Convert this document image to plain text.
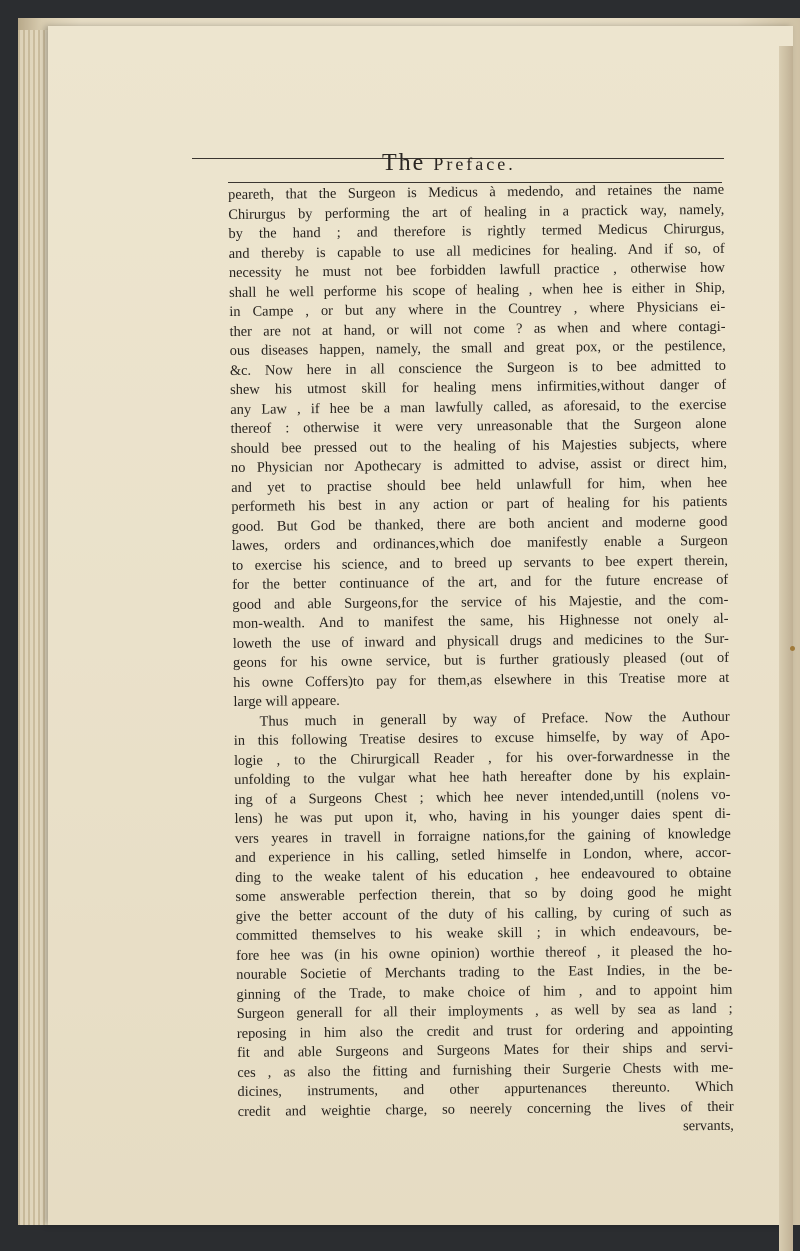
The Preface.
peareth, that the Surgeon is Medicus à medendo, and retaines the name
Chirurgus by performing the art of healing in a practick way, namely,
by the hand ; and therefore is rightly termed Medicus Chirurgus,
and thereby is capable to use all medicines for healing. And if so, of
necessity he must not bee forbidden lawfull practice , otherwise how
shall he well performe his scope of healing , when hee is either in Ship,
in Campe , or but any where in the Countrey , where Physicians ei-
ther are not at hand, or will not come ? as when and where contagi-
ous diseases happen, namely, the small and great pox, or the pestilence,
&c. Now here in all conscience the Surgeon is to bee admitted to
shew his utmost skill for healing mens infirmities,without danger of
any Law , if hee be a man lawfully called, as aforesaid, to the exercise
thereof : otherwise it were very unreasonable that the Surgeon alone
should bee pressed out to the healing of his Majesties subjects, where
no Physician nor Apothecary is admitted to advise, assist or direct him,
and yet to practise should bee held unlawfull for him, when hee
performeth his best in any action or part of healing for his patients
good. But God be thanked, there are both ancient and moderne good
lawes, orders and ordinances,which doe manifestly enable a Surgeon
to exercise his science, and to breed up servants to bee expert therein,
for the better continuance of the art, and for the future encrease of
good and able Surgeons,for the service of his Majestie, and the com-
mon-wealth. And to manifest the same, his Highnesse not onely al-
loweth the use of inward and physicall drugs and medicines to the Sur-
geons for his owne service, but is further gratiously pleased (out of
his owne Coffers)to pay for them,as elsewhere in this Treatise more at
large will appeare.
Thus much in generall by way of Preface. Now the Authour
in this following Treatise desires to excuse himselfe, by way of Apo-
logie , to the Chirurgicall Reader , for his over-forwardnesse in the
unfolding to the vulgar what hee hath hereafter done by his explain-
ing of a Surgeons Chest ; which hee never intended,untill (nolens vo-
lens) he was put upon it, who, having in his younger daies spent di-
vers yeares in travell in forraigne nations,for the gaining of knowledge
and experience in his calling, setled himselfe in London, where, accor-
ding to the weake talent of his education , hee endeavoured to obtaine
some answerable perfection therein, that so by doing good he might
give the better account of the duty of his calling, by curing of such as
committed themselves to his weake skill ; in which endeavours, be-
fore hee was (in his owne opinion) worthie thereof , it pleased the ho-
nourable Societie of Merchants trading to the East Indies, in the be-
ginning of the Trade, to make choice of him , and to appoint him
Surgeon generall for all their imployments , as well by sea as land ;
reposing in him also the credit and trust for ordering and appointing
fit and able Surgeons and Surgeons Mates for their ships and servi-
ces , as also the fitting and furnishing their Surgerie Chests with me-
dicines, instruments, and other appurtenances thereunto. Which
credit and weightie charge, so neerely concerning the lives of their
servants,
